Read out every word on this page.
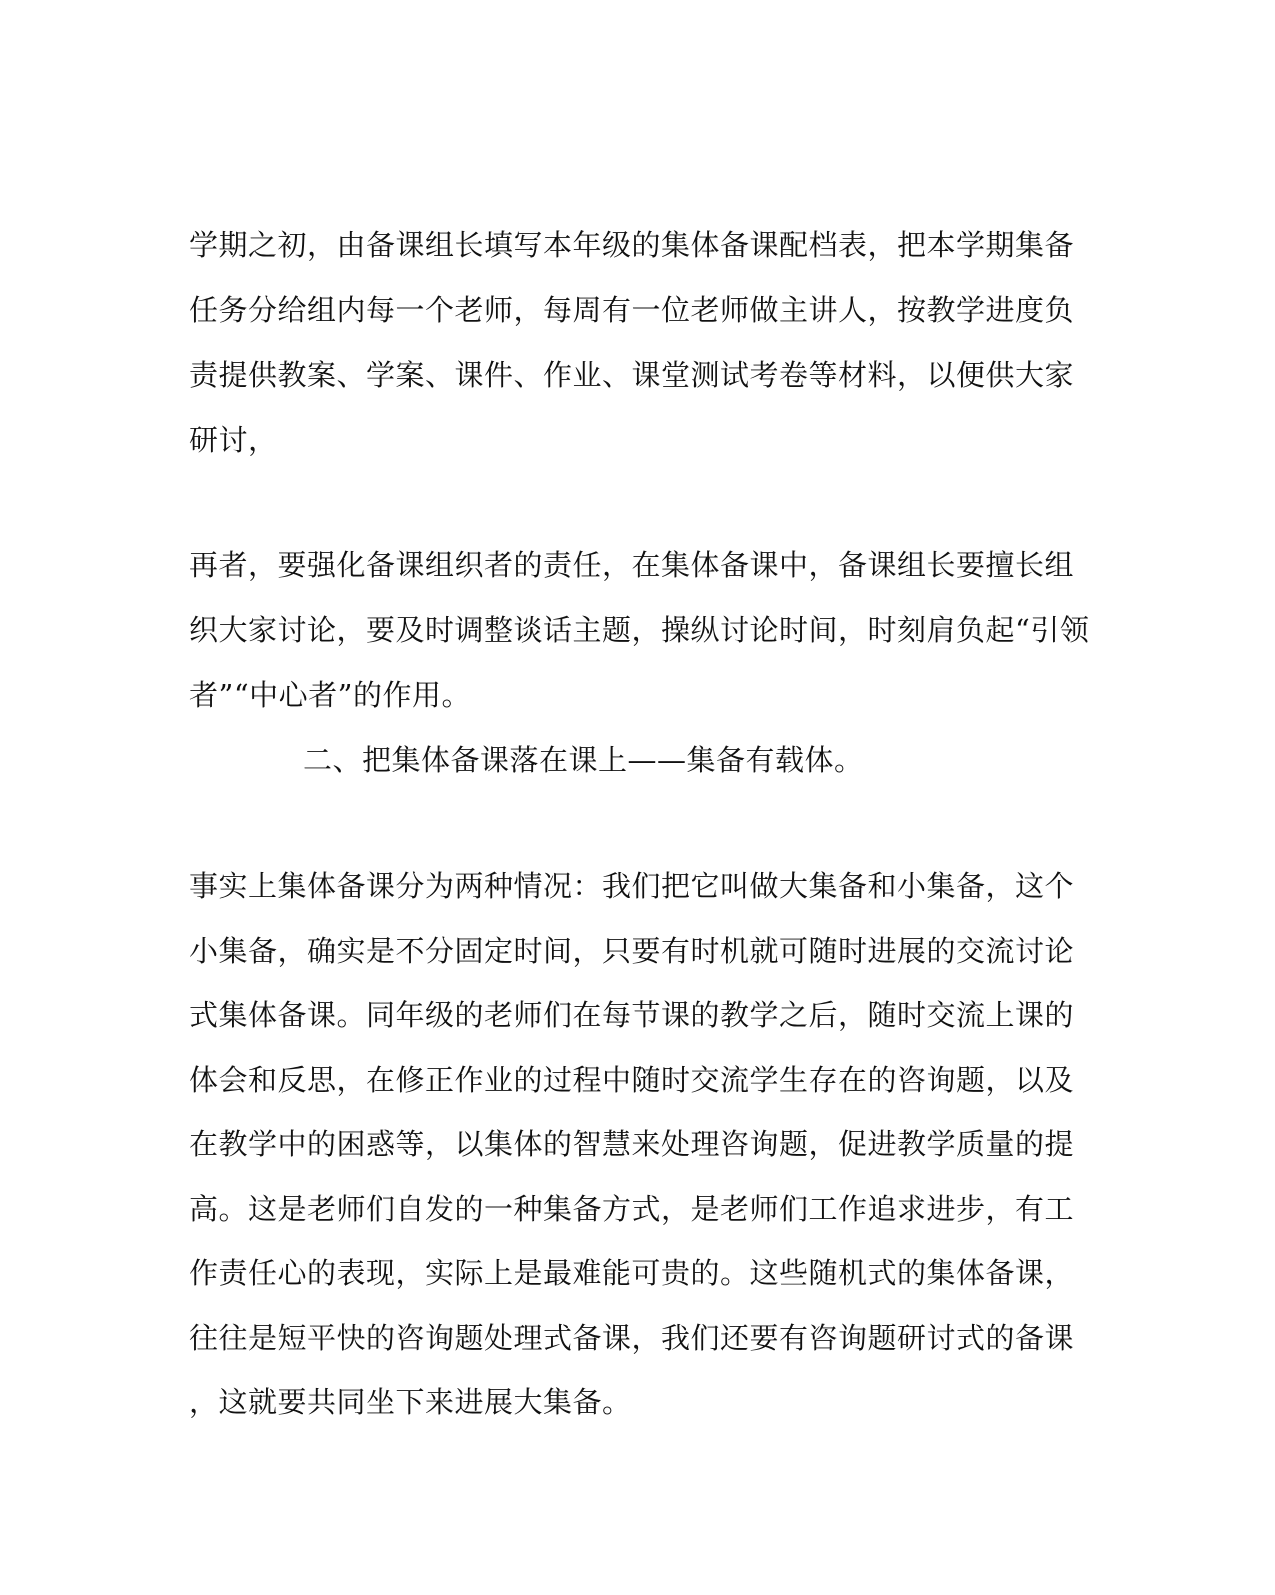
学期之初，由备课组长填写本年级的集体备课配档表，把本学期集备
任务分给组内每一个老师，每周有一位老师做主讲人，按教学进度负
责提供教案、学案、课件、作业、课堂测试考卷等材料，以便供大家
研讨，
再者，要强化备课组织者的责任，在集体备课中，备课组长要擅长组
织大家讨论，要及时调整谈话主题，操纵讨论时间，时刻肩负起“引领
者”“中心者”的作用。
二、把集体备课落在课上——集备有载体。
事实上集体备课分为两种情况：我们把它叫做大集备和小集备，这个
小集备，确实是不分固定时间，只要有时机就可随时进展的交流讨论
式集体备课。同年级的老师们在每节课的教学之后，随时交流上课的
体会和反思，在修正作业的过程中随时交流学生存在的咨询题，以及
在教学中的困惑等，以集体的智慧来处理咨询题，促进教学质量的提
高。这是老师们自发的一种集备方式，是老师们工作追求进步，有工
作责任心的表现，实际上是最难能可贵的。这些随机式的集体备课，
往往是短平快的咨询题处理式备课，我们还要有咨询题研讨式的备课
，这就要共同坐下来进展大集备。
